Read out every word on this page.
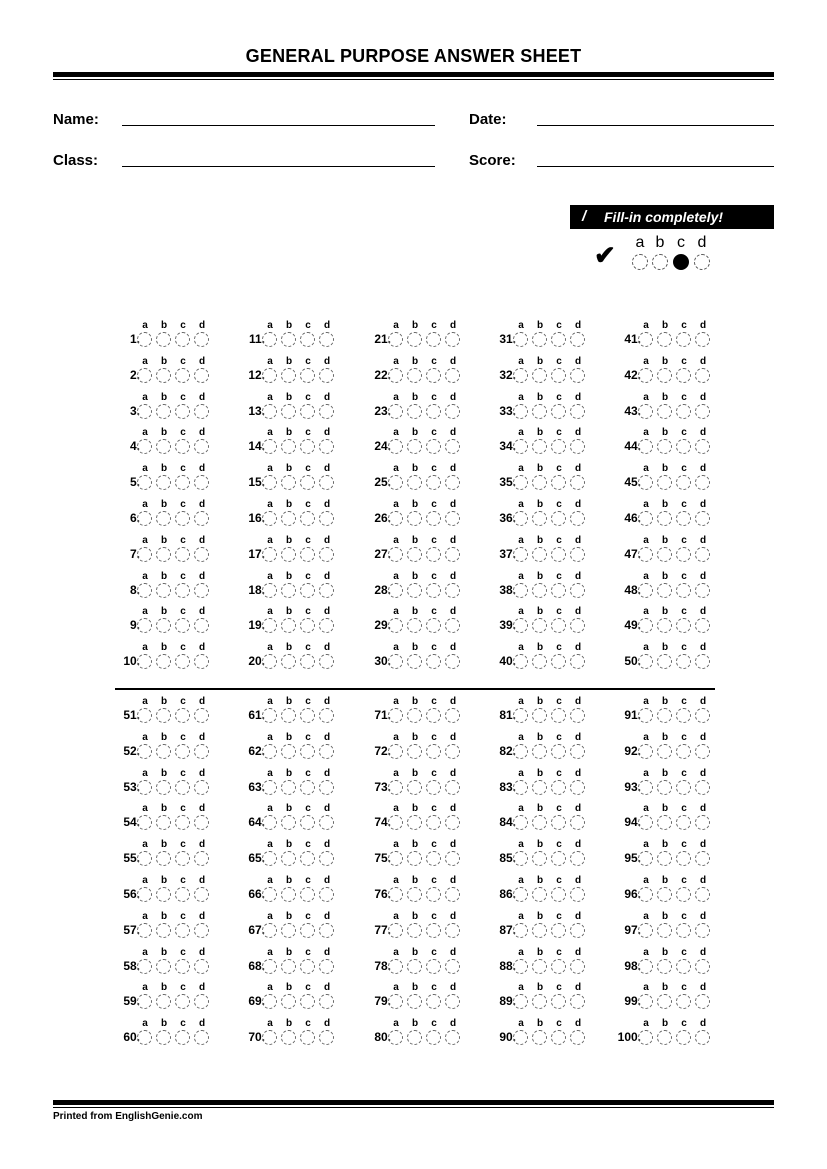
GENERAL PURPOSE ANSWER SHEET
Name:	Date:
Class:	Score:
/ Fill-in completely!
✔ a b c d
a	b	c	d
1.
a	b	c	d
2.
a	b	c	d
3.
a	b	c	d
4.
a	b	c	d
5.
a	b	c	d
6.
a	b	c	d
7.
a	b	c	d
8.
a	b	c	d
9.
a	b	c	d
10.
a	b	c	d
11.
a	b	c	d
12.
a	b	c	d
13.
a	b	c	d
14.
a	b	c	d
15.
a	b	c	d
16.
a	b	c	d
17.
a	b	c	d
18.
a	b	c	d
19.
a	b	c	d
20.
a	b	c	d
21.
a	b	c	d
22.
a	b	c	d
23.
a	b	c	d
24.
a	b	c	d
25.
a	b	c	d
26.
a	b	c	d
27.
a	b	c	d
28.
a	b	c	d
29.
a	b	c	d
30.
a	b	c	d
31.
a	b	c	d
32.
a	b	c	d
33.
a	b	c	d
34.
a	b	c	d
35.
a	b	c	d
36.
a	b	c	d
37.
a	b	c	d
38.
a	b	c	d
39.
a	b	c	d
40.
a	b	c	d
41.
a	b	c	d
42.
a	b	c	d
43.
a	b	c	d
44.
a	b	c	d
45.
a	b	c	d
46.
a	b	c	d
47.
a	b	c	d
48.
a	b	c	d
49.
a	b	c	d
50.
a	b	c	d
51.
a	b	c	d
52.
a	b	c	d
53.
a	b	c	d
54.
a	b	c	d
55.
a	b	c	d
56.
a	b	c	d
57.
a	b	c	d
58.
a	b	c	d
59.
a	b	c	d
60.
a	b	c	d
61.
a	b	c	d
62.
a	b	c	d
63.
a	b	c	d
64.
a	b	c	d
65.
a	b	c	d
66.
a	b	c	d
67.
a	b	c	d
68.
a	b	c	d
69.
a	b	c	d
70.
a	b	c	d
71.
a	b	c	d
72.
a	b	c	d
73.
a	b	c	d
74.
a	b	c	d
75.
a	b	c	d
76.
a	b	c	d
77.
a	b	c	d
78.
a	b	c	d
79.
a	b	c	d
80.
a	b	c	d
81.
a	b	c	d
82.
a	b	c	d
83.
a	b	c	d
84.
a	b	c	d
85.
a	b	c	d
86.
a	b	c	d
87.
a	b	c	d
88.
a	b	c	d
89.
a	b	c	d
90.
a	b	c	d
91.
a	b	c	d
92.
a	b	c	d
93.
a	b	c	d
94.
a	b	c	d
95.
a	b	c	d
96.
a	b	c	d
97.
a	b	c	d
98.
a	b	c	d
99.
a	b	c	d
100.
Printed from EnglishGenie.com
